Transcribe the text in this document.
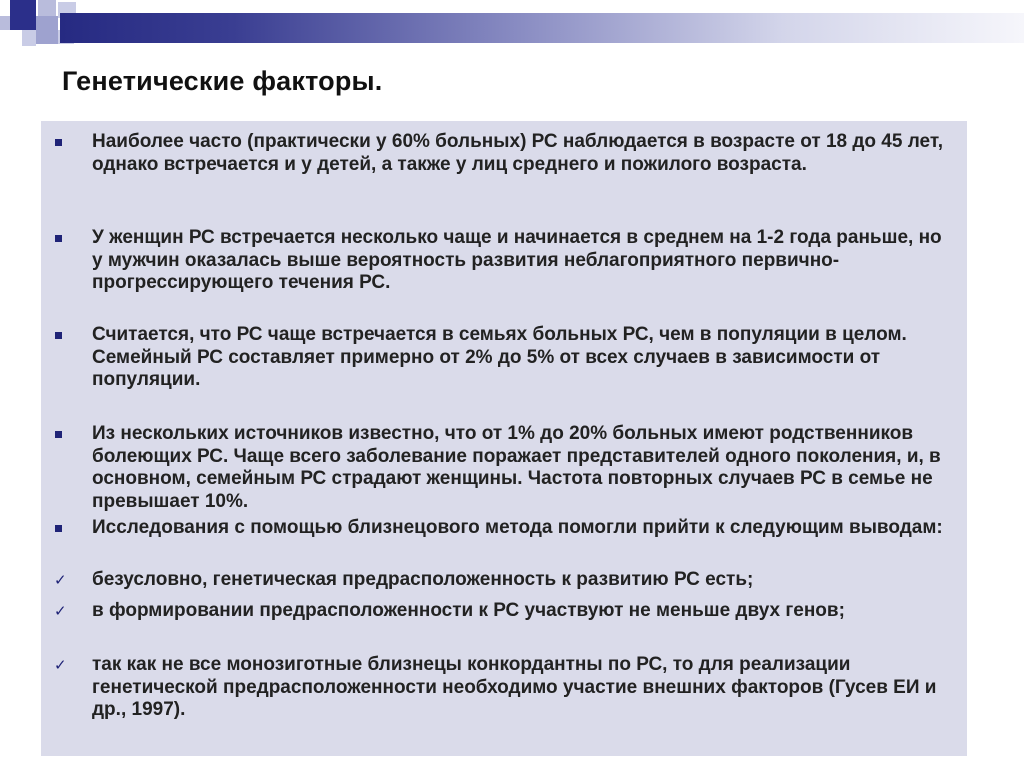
Генетические факторы.

Наиболее часто (практически у 60% больных) РС наблюдается в возрасте от 18 до 45 лет, однако встречается и у детей, а также у лиц среднего и пожилого возраста.

У женщин РС встречается несколько чаще и начинается в среднем на 1-2 года раньше, но у мужчин оказалась выше вероятность развития неблагоприятного первично-прогрессирующего течения РС.

Считается, что РС чаще встречается в семьях больных РС, чем в популяции в целом. Семейный РС составляет примерно от 2% до 5% от всех случаев в зависимости от популяции.

Из нескольких источников известно, что от 1% до 20% больных имеют родственников болеющих РС. Чаще всего заболевание поражает представителей одного поколения, и, в основном, семейным РС страдают женщины. Частота повторных случаев РС в семье не превышает 10%.

Исследования с помощью близнецового метода помогли прийти к следующим выводам:

✓ безусловно, генетическая предрасположенность к развитию РС есть;

✓ в формировании предрасположенности к РС участвуют не меньше двух генов;

✓ так как не все монозиготные близнецы конкордантны по РС, то для реализации генетической предрасположенности необходимо участие внешних факторов (Гусев ЕИ и др., 1997).
